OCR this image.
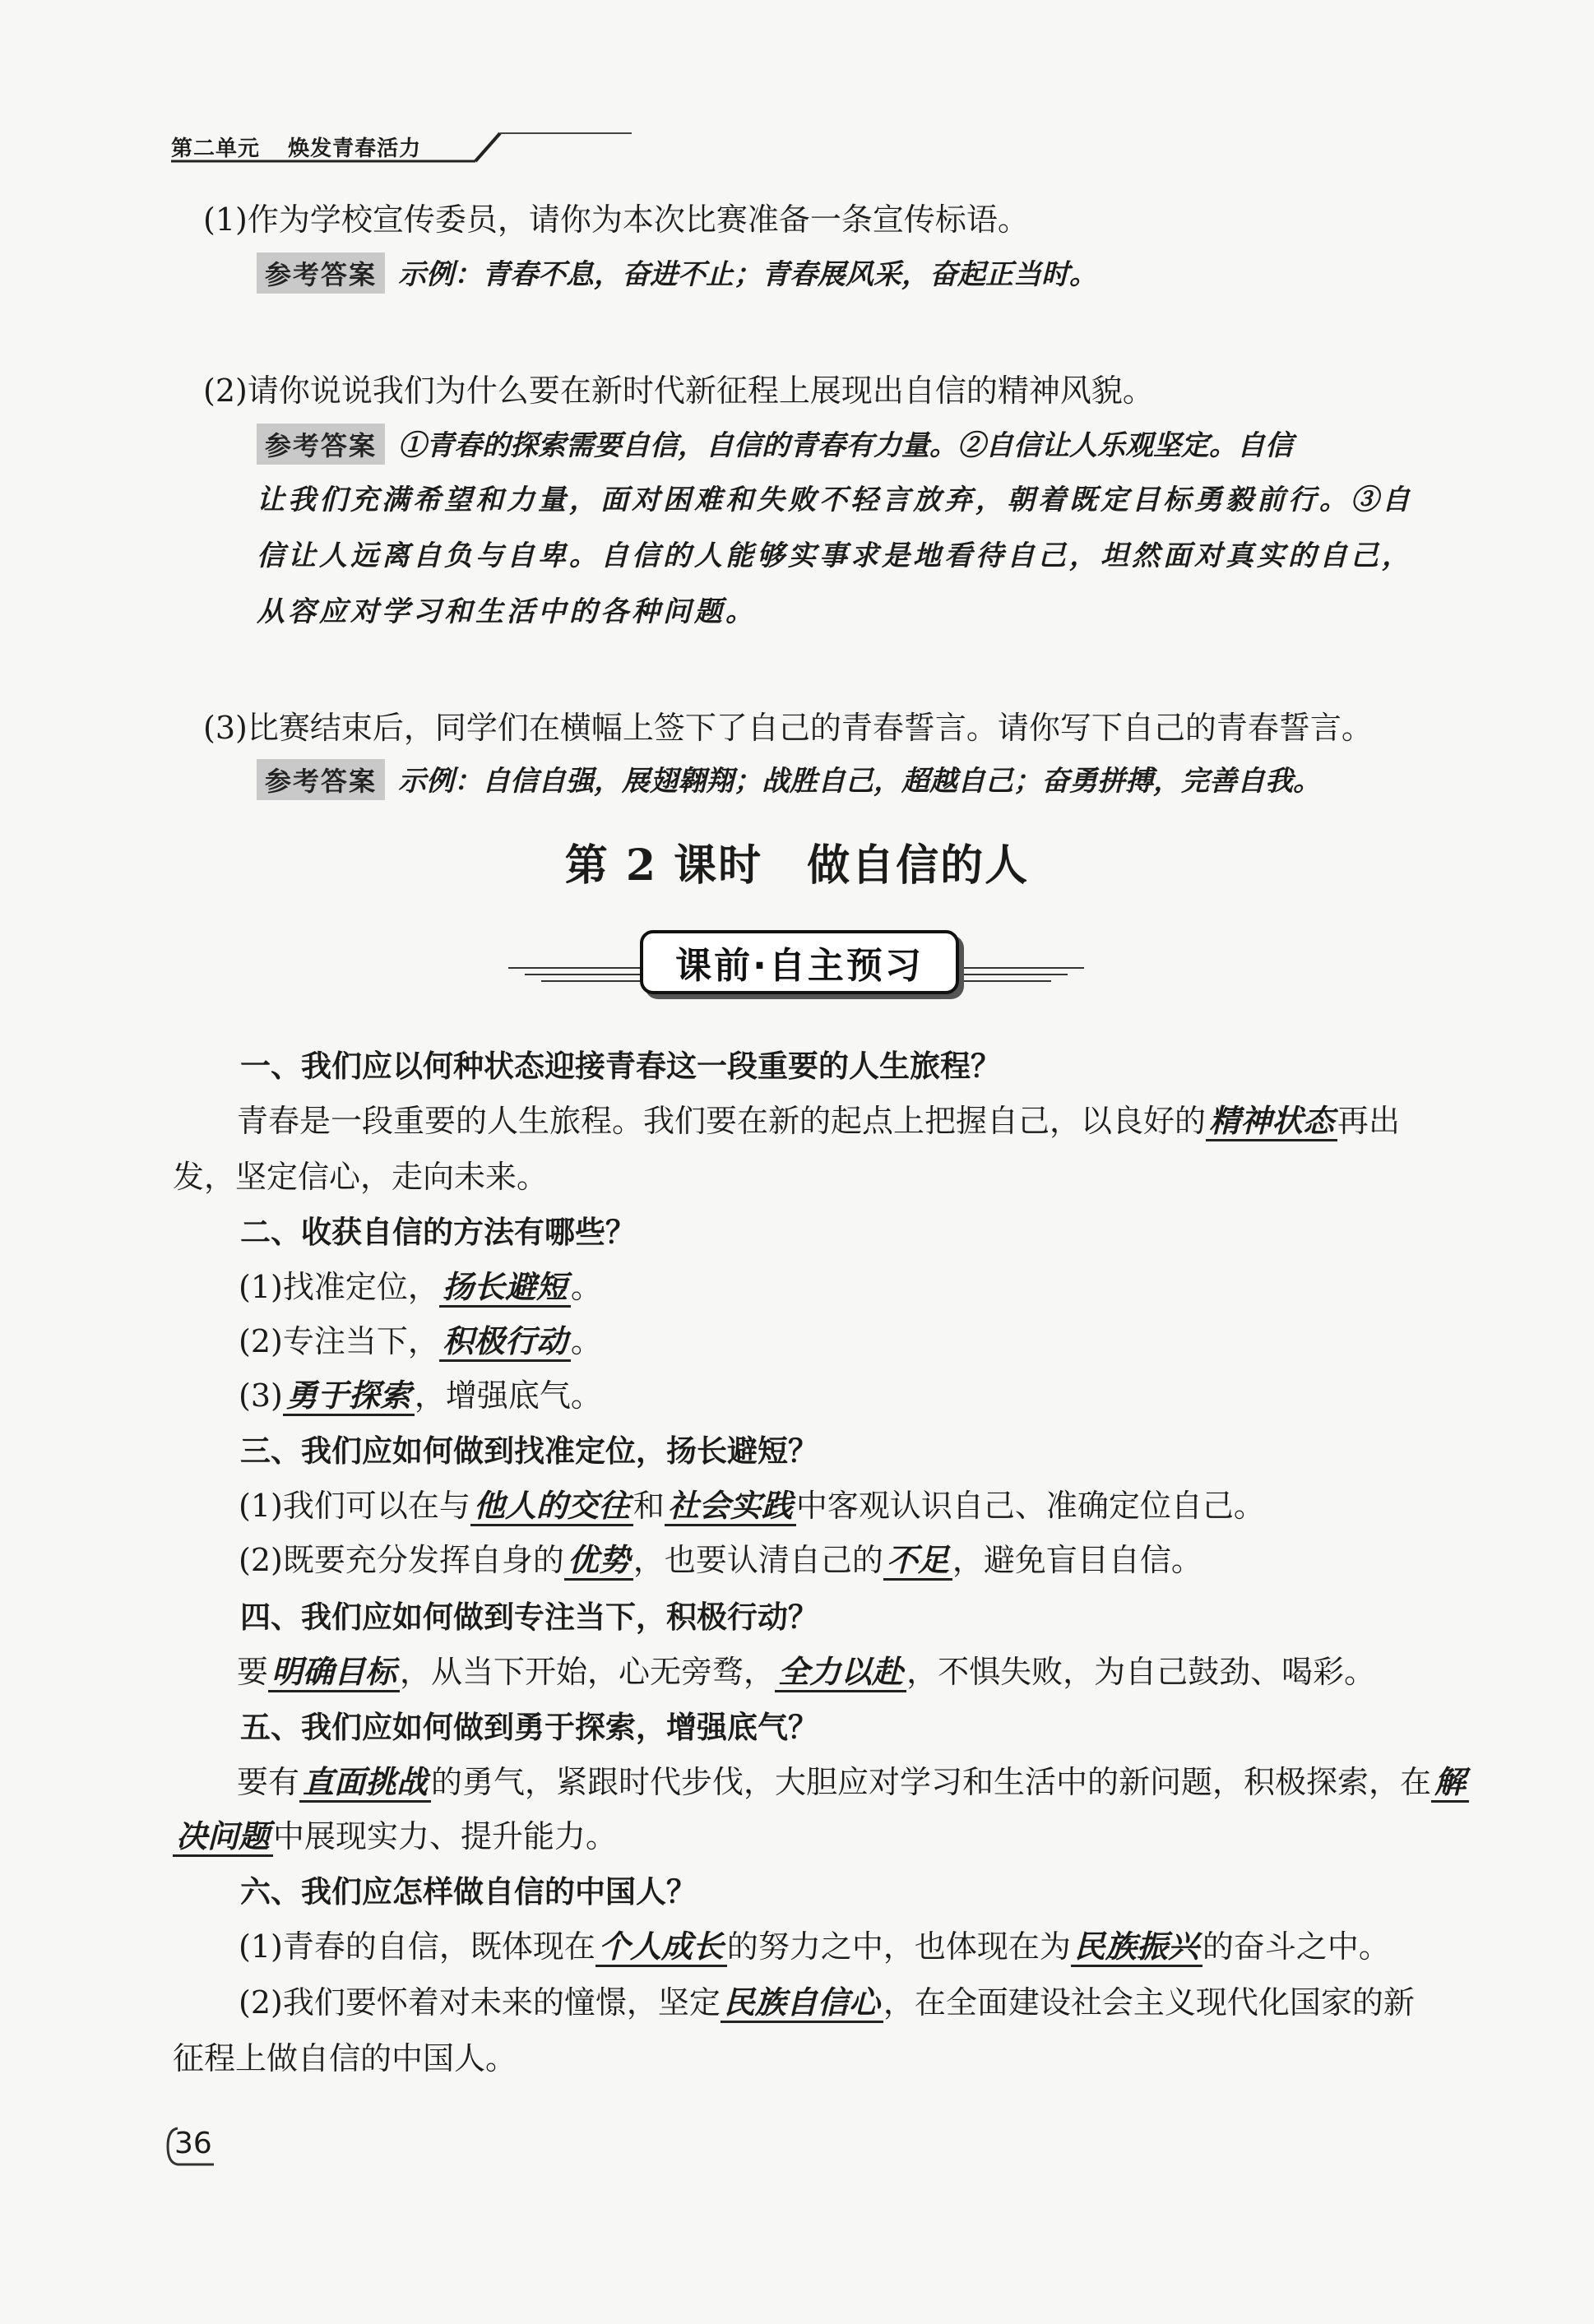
第二单元 焕发青春活力
(1)作为学校宣传委员，请你为本次比赛准备一条宣传标语。
参考答案 示例：青春不息，奋进不止；青春展风采，奋起正当时。
(2)请你说说我们为什么要在新时代新征程上展现出自信的精神风貌。
参考答案 ①青春的探索需要自信，自信的青春有力量。②自信让人乐观坚定。自信
让我们充满希望和力量，面对困难和失败不轻言放弃，朝着既定目标勇毅前行。③自
信让人远离自负与自卑。自信的人能够实事求是地看待自己，坦然面对真实的自己，
从容应对学习和生活中的各种问题。
(3)比赛结束后，同学们在横幅上签下了自己的青春誓言。请你写下自己的青春誓言。
参考答案 示例：自信自强，展翅翱翔；战胜自己，超越自己；奋勇拼搏，完善自我。
第 2 课时　做自信的人
课前·自主预习
一、我们应以何种状态迎接青春这一段重要的人生旅程？
青春是一段重要的人生旅程。我们要在新的起点上把握自己，以良好的 精神状态 再出
发，坚定信心，走向未来。
二、收获自信的方法有哪些？
(1)找准定位， 扬长避短 。
(2)专注当下， 积极行动 。
(3) 勇于探索 ，增强底气。
三、我们应如何做到找准定位，扬长避短？
(1)我们可以在与 他人的交往 和 社会实践 中客观认识自己、准确定位自己。
(2)既要充分发挥自身的 优势 ，也要认清自己的 不足 ，避免盲目自信。
四、我们应如何做到专注当下，积极行动？
要 明确目标 ，从当下开始，心无旁骛， 全力以赴 ，不惧失败，为自己鼓劲、喝彩。
五、我们应如何做到勇于探索，增强底气？
要有 直面挑战 的勇气，紧跟时代步伐，大胆应对学习和生活中的新问题，积极探索，在 解
决问题 中展现实力、提升能力。
六、我们应怎样做自信的中国人？
(1)青春的自信，既体现在 个人成长 的努力之中，也体现在为 民族振兴 的奋斗之中。
(2)我们要怀着对未来的憧憬，坚定 民族自信心 ，在全面建设社会主义现代化国家的新
征程上做自信的中国人。
36
